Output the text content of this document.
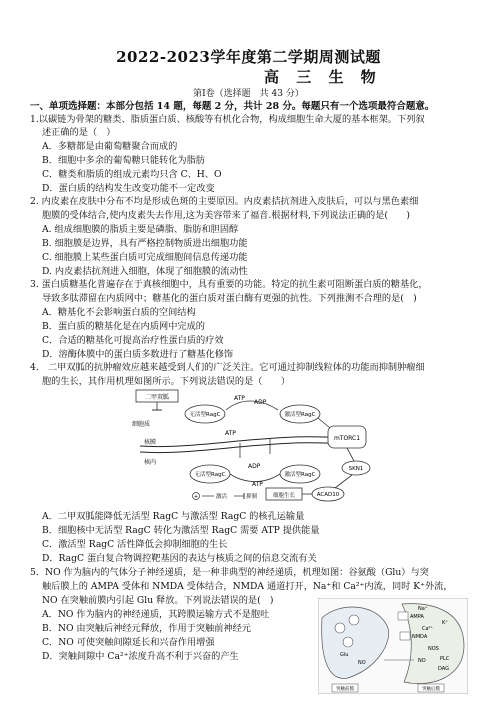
2022-2023学年度第二学期周测试题
高 三 生 物
第Ⅰ卷（选择题　共 43 分）
一、单项选择题：本部分包括 14 题，每题 2 分，共计 28 分。每题只有一个选项最符合题意。
1.以碳链为骨架的糖类、脂质蛋白质、核酸等有机化合物，构成细胞生命大厦的基本框架。下列叙
述正确的是（　）
A．多糖都是由葡萄糖聚合而成的
B．细胞中多余的葡萄糖只能转化为脂肪
C．糖类和脂质的组成元素均只含 C、H、O
D．蛋白质的结构发生改变功能不一定改变
2. 内皮素在皮肤中分布不均是形成色斑的主要原因。内皮素拮抗剂进入皮肤后，可以与黑色素细
胞膜的受体结合,使内皮素失去作用,这为美容带来了福音.根据材料,下列说法正确的是(　　)
A. 组成细胞膜的脂质主要是磷脂、脂肪和胆固醇
B. 细胞膜是边界，具有严格控制物质进出细胞功能
C. 细胞膜上某些蛋白质可完成细胞间信息传递功能
D. 内皮素拮抗剂进入细胞，体现了细胞膜的流动性
3. 蛋白质糖基化普遍存在于真核细胞中，具有重要的功能。特定的抗生素可阻断蛋白质的糖基化，
导致多肽滞留在内质网中；糖基化的蛋白质对蛋白酶有更强的抗性。下列推测不合理的是(　)
A．糖基化不会影响蛋白质的空间结构
B．蛋白质的糖基化是在内质网中完成的
C．合适的糖基化可提高治疗性蛋白质的疗效
D．溶酶体膜中的蛋白质多数进行了糖基化修饰
4.　二甲双胍的抗肿瘤效应越来越受到人们的广泛关注。它可通过抑制线粒体的功能而抑制肿瘤细
胞的生长，其作用机理如图所示。下列说法错误的是（　　）
二甲双胍
细胞质
核膜
核内
无活型RagC	激活型RagC
ATP
ADP
ATP
mTORC1
无活型RagC	激活型RagC
ADP
ATP
SKN1
ACAD10
细胞生长
+	激活	抑制
A．二甲双胍能降低无活型 RagC 与激活型 RagC 的核孔运输量
B．细胞核中无活型 RagC 转化为激活型 RagC 需要 ATP 提供能量
C．激活型 RagC 活性降低会抑制细胞的生长
D．RagC 蛋白复合物调控靶基因的表达与核质之间的信息交流有关
5．NO 作为脑内的气体分子神经递质，是一种非典型的神经递质，机理如图：谷氨酸（Glu）与突
触后膜上的 AMPA 受体和 NMDA 受体结合，NMDA 通道打开，Na⁺和 Ca²⁺内流，同时 K⁺外流，
NO 在突触前膜内引起 Glu 释放。下列说法错误的是(　)
A．NO 作为脑内的神经递质，其跨膜运输方式不是胞吐
B．NO 由突触后神经元释放，作用于突触前神经元
C．NO 可使突触间隙延长和兴奋作用增强
D．突触间隙中 Ca²⁺浓度升高不利于兴奋的产生	Glu
NO
AMPA
NMDA
Na⁺
Ca²⁺
K⁺
NOS
NO	PLC
DAG
突触前膜	突触后膜
